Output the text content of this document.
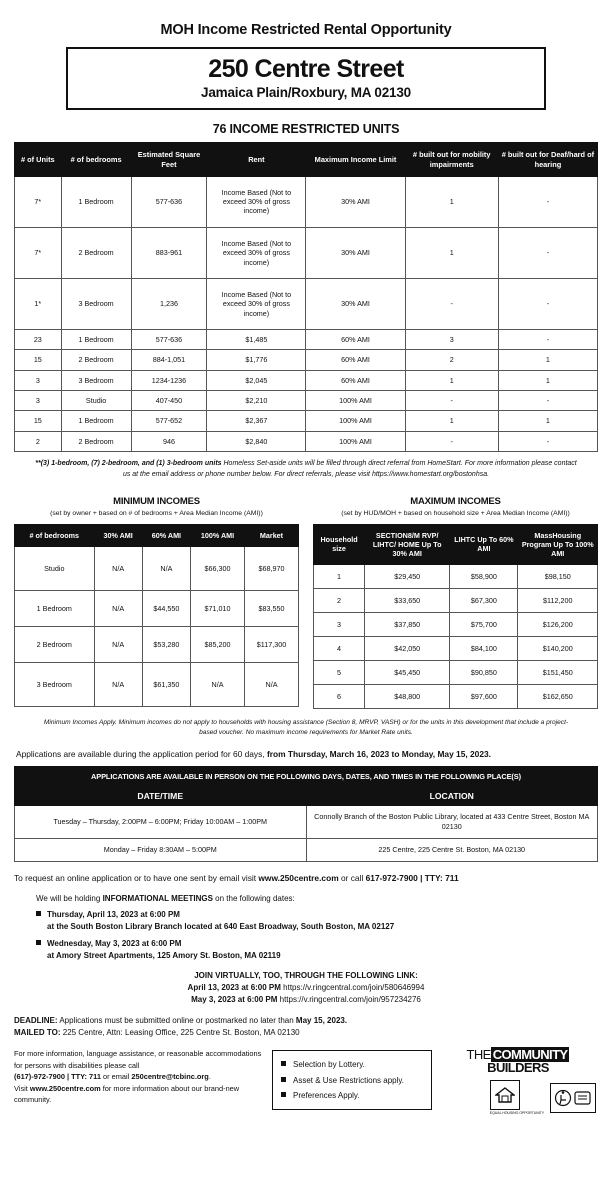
MOH Income Restricted Rental Opportunity
250 Centre Street
Jamaica Plain/Roxbury, MA 02130
76 INCOME RESTRICTED UNITS
# of Units	# of bedrooms	Estimated Square Feet	Rent	Maximum Income Limit	# built out for mobility impairments	# built out for Deaf/hard of hearing
7*	1 Bedroom	577-636	Income Based (Not to exceed 30% of gross income)	30% AMI	1	-
7*	2 Bedroom	883-961	Income Based (Not to exceed 30% of gross income)	30% AMI	1	-
1*	3 Bedroom	1,236	Income Based (Not to exceed 30% of gross income)	30% AMI	-	-
23	1 Bedroom	577-636	$1,485	60% AMI	3	-
15	2 Bedroom	884-1,051	$1,776	60% AMI	2	1
3	3 Bedroom	1234-1236	$2,045	60% AMI	1	1
3	Studio	407-450	$2,210	100% AMI	-	-
15	1 Bedroom	577-652	$2,367	100% AMI	1	1
2	2 Bedroom	946	$2,840	100% AMI	-	-
**(3) 1-bedroom, (7) 2-bedroom, and (1) 3-bedroom units Homeless Set-aside units will be filled through direct referral from HomeStart. For more information please contact us at the email address or phone number below. For direct referrals, please visit https://www.homestart.org/bostonhsa.
MINIMUM INCOMES
(set by owner + based on # of bedrooms + Area Median Income (AMI))
# of bedrooms	30% AMI	60% AMI	100% AMI	Market
Studio	N/A	N/A	$66,300	$68,970
1 Bedroom	N/A	$44,550	$71,010	$83,550
2 Bedroom	N/A	$53,280	$85,200	$117,300
3 Bedroom	N/A	$61,350	N/A	N/A
MAXIMUM INCOMES
(set by HUD/MOH + based on household size + Area Median Income (AMI))
Household size	SECTION8/M RVP/ LIHTC/ HOME Up To 30% AMI	LIHTC Up To 60% AMI	MassHousing Program Up To 100% AMI
1	$29,450	$58,900	$98,150
2	$33,650	$67,300	$112,200
3	$37,850	$75,700	$126,200
4	$42,050	$84,100	$140,200
5	$45,450	$90,850	$151,450
6	$48,800	$97,600	$162,650
Minimum Incomes Apply. Minimum incomes do not apply to households with housing assistance (Section 8, MRVP, VASH) or for the units in this development that include a project-based voucher. No maximum income requirements for Market Rate units.
Applications are available during the application period for 60 days, from Thursday, March 16, 2023 to Monday, May 15, 2023.
APPLICATIONS ARE AVAILABLE IN PERSON ON THE FOLLOWING DAYS, DATES, AND TIMES IN THE FOLLOWING PLACE(S)	
DATE/TIME	LOCATION
Tuesday – Thursday, 2:00PM – 6:00PM; Friday 10:00AM – 1:00PM	Connolly Branch of the Boston Public Library, located at 433 Centre Street, Boston MA 02130
Monday – Friday 8:30AM – 5:00PM	225 Centre, 225 Centre St. Boston, MA 02130
To request an online application or to have one sent by email visit www.250centre.com or call 617-972-7900 | TTY: 711
We will be holding INFORMATIONAL MEETINGS on the following dates:
Thursday, April 13, 2023 at 6:00 PM
at the South Boston Library Branch located at 640 East Broadway, South Boston, MA 02127
Wednesday, May 3, 2023 at 6:00 PM
at Amory Street Apartments, 125 Amory St. Boston, MA 02119
JOIN VIRTUALLY, TOO, THROUGH THE FOLLOWING LINK:
April 13, 2023 at 6:00 PM https://v.ringcentral.com/join/580646994
May 3, 2023 at 6:00 PM https://v.ringcentral.com/join/957234276
DEADLINE: Applications must be submitted online or postmarked no later than May 15, 2023.
MAILED TO: 225 Centre, Attn: Leasing Office, 225 Centre St. Boston, MA 02130
For more information, language assistance, or reasonable accommodations for persons with disabilities please call
(617)-972-7900 | TTY: 711 or email 250centre@tcbinc.org.
Visit www.250centre.com for more information about our brand-new community.
Selection by Lottery.
Asset & Use Restrictions apply.
Preferences Apply.
THE COMMUNITY
BUILDERS
EQUAL HOUSING OPPORTUNITY
